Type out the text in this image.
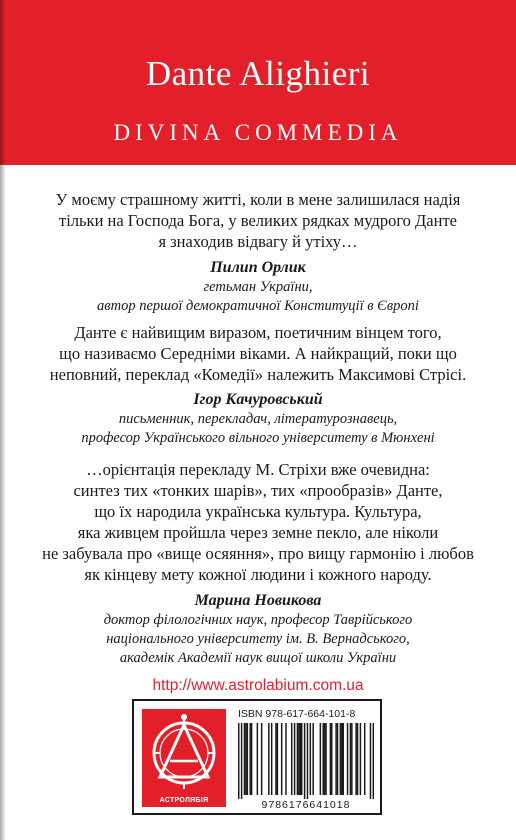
Dante Alighieri
DIVINA COMMEDIA
У моєму страшному житті, коли в мене залишилася надія
тільки на Господа Бога, у великих рядках мудрого Данте
я знаходив відвагу й утіху…
Пилип Орлик
гетьман України,
автор першої демократичної Конституції в Європі
Данте є найвищим виразом, поетичним вінцем того,
що називаємо Середніми віками. А найкращий, поки що
неповний, переклад «Комедії» належить Максимові Стрісі.
Ігор Качуровський
письменник, перекладач, літературознавець,
професор Українського вільного університету в Мюнхені
…орієнтація перекладу М. Стріхи вже очевидна:
синтез тих «тонких шарів», тих «прообразів» Данте,
що їх народила українська культура. Культура,
яка живцем пройшла через земне пекло, але ніколи
не забувала про «вище осяяння», про вищу гармонію і любов
як кінцеву мету кожної людини і кожного народу.
Марина Новикова
доктор філологічних наук, професор Таврійського
національного університету ім. В. Вернадського,
академік Академії наук вищої школи України
http://www.astrolabium.com.ua
АСТРОЛЯБІЯ
ISBN 978-617-664-101-8
9786176641018
